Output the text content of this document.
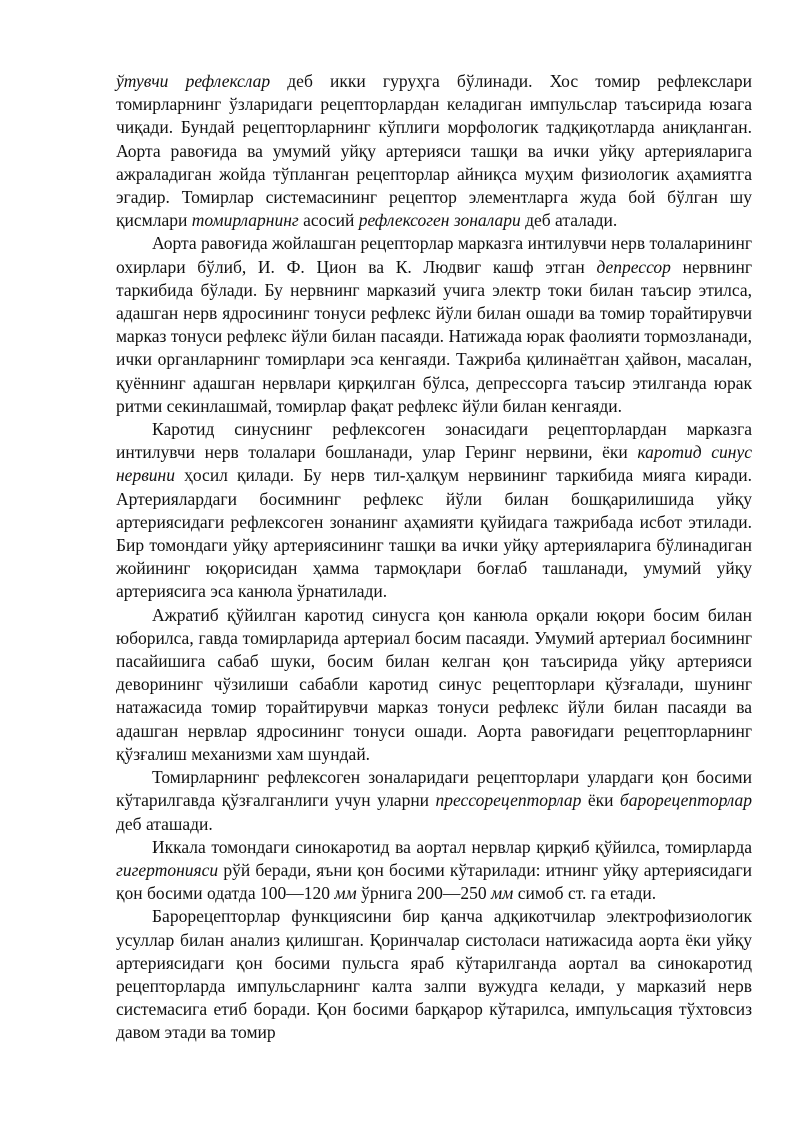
ўтувчи рефлекслар деб икки гуруҳга бўлинади. Хос томир рефлекслари томирларнинг ўзларидаги рецепторлардан келадиган импульслар таъсирида юзага чиқади. Бундай рецепторларнинг кўплиги морфологик тадқиқотларда аниқланган. Аорта равоғида ва умумий уйқу артерияси ташқи ва ички уйқу артерияларига ажраладиган жойда тўпланган рецепторлар айниқса муҳим физиологик аҳамиятга эгадир. Томирлар системасининг рецептор элементларга жуда бой бўлган шу қисмлари томирларнинг асосий рефлексоген зоналари деб аталади.

Аорта равоғида жойлашган рецепторлар марказга интилувчи нерв толаларининг охирлари бўлиб, И. Ф. Цион ва К. Людвиг кашф этган депрессор нервнинг таркибида бўлади. Бу нервнинг марказий учига электр токи билан таъсир этилса, адашган нерв ядросининг тонуси рефлекс йўли билан ошади ва томир торайтирувчи марказ тонуси рефлекс йўли билан пасаяди. Натижада юрак фаолияти тормозланади, ички органларнинг томирлари эса кенгаяди. Тажриба қилинаётган ҳайвон, масалан, қуённинг адашган нервлари қирқилган бўлса, депрессорга таъсир этилганда юрак ритми секинлашмай, томирлар фақат рефлекс йўли билан кенгаяди.

Каротид синуснинг рефлексоген зонасидаги рецепторлардан марказга интилувчи нерв толалари бошланади, улар Геринг нервини, ёки каротид синус нервини ҳосил қилади. Бу нерв тил-ҳалқум нервининг таркибида мияга киради. Артериялардаги босимнинг рефлекс йўли билан бошқарилишида уйқу артериясидаги рефлексоген зонанинг аҳамияти қуйидагa тажрибада исбот этилади. Бир томондаги уйқу артериясининг ташқи ва ички уйқу артерияларига бўлинадиган жойининг юқорисидан ҳамма тармоқлари боғлаб ташланади, умумий уйқу артериясига эса канюла ўрнатилади.

Ажратиб қўйилган каротид синусга қон канюла орқали юқори босим билан юборилса, гавда томирларида артериал босим пасаяди. Умумий артериал босимнинг пасайишига сабаб шуки, босим билан келган қон таъсирида уйқу артерияси деворининг чўзилиши сабабли каротид синус рецепторлари қўзғалади, шунинг натажасида томир торайтирувчи марказ тонуси рефлекс йўли билан пасаяди ва адашган нервлар ядросининг тонуси ошади. Аорта равоғидаги рецепторларнинг қўзғалиш механизми хам шундай.

Томирларнинг рефлексоген зоналаридаги рецепторлари улардаги қон босими кўтарилгавда қўзғалганлиги учун уларни прессорецепторлар ёки барорецепторлар деб аташади.

Иккала томондаги синокаротид ва аортал нервлар қирқиб қўйилса, томирларда гигертонияси рўй беради, яъни қон босими кўтарилади: итнинг уйқу артериясидаги қон босими одатда 100—120 мм ўрнига 200—250 мм симоб ст. га етади.

Барорецепторлар функциясини бир қанча адқикотчилар электрофизиологик усуллар билан анализ қилишган. Қоринчалар систоласи натижасида аорта ёки уйқу артериясидаги қон босими пульсга яраб кўтарилганда аортал ва синокаротид рецепторларда импульсларнинг калта залпи вужудга келади, у марказий нерв системасига етиб боради. Қон босими барқарор кўтарилса, импульсация тўхтовсиз давом этади ва томир
